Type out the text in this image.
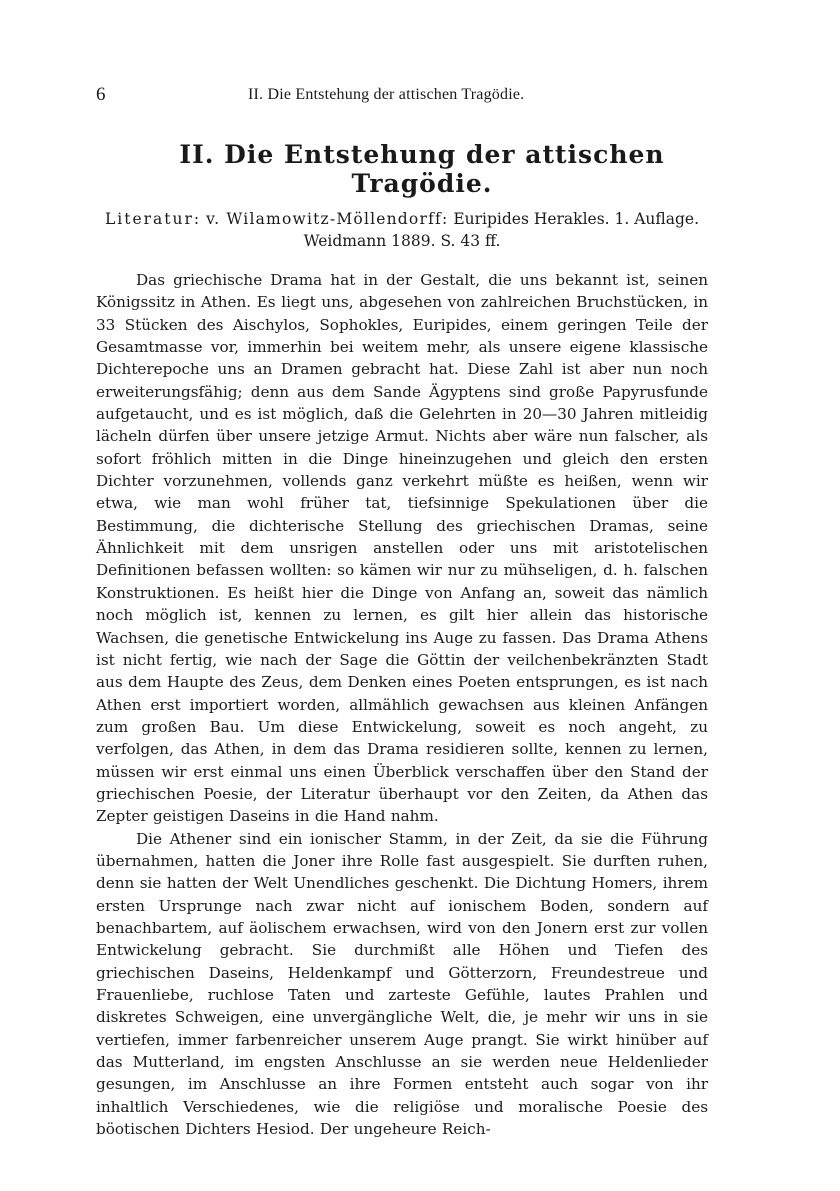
6	II. Die Entstehung der attischen Tragödie.
II. Die Entstehung der attischen Tragödie.
Literatur: v. Wilamowitz-Möllendorff: Euripides Herakles. 1. Auflage.
Weidmann 1889. S. 43 ff.

Das griechische Drama hat in der Gestalt, die uns bekannt ist, seinen Königssitz in Athen. Es liegt uns, abgesehen von zahlreichen Bruchstücken, in 33 Stücken des Aischylos, Sophokles, Euripides, einem geringen Teile der Gesamtmasse vor, immerhin bei weitem mehr, als unsere eigene klassische Dichterepoche uns an Dramen gebracht hat. Diese Zahl ist aber nun noch erweiterungsfähig; denn aus dem Sande Ägyptens sind große Papyrusfunde aufgetaucht, und es ist möglich, daß die Gelehrten in 20—30 Jahren mitleidig lächeln dürfen über unsere jetzige Armut. Nichts aber wäre nun falscher, als sofort fröhlich mitten in die Dinge hineinzugehen und gleich den ersten Dichter vorzunehmen, vollends ganz verkehrt müßte es heißen, wenn wir etwa, wie man wohl früher tat, tiefsinnige Spekulationen über die Bestimmung, die dichterische Stellung des griechischen Dramas, seine Ähnlichkeit mit dem unsrigen anstellen oder uns mit aristotelischen Definitionen befassen wollten: so kämen wir nur zu mühseligen, d. h. falschen Konstruktionen. Es heißt hier die Dinge von Anfang an, soweit das nämlich noch möglich ist, kennen zu lernen, es gilt hier allein das historische Wachsen, die genetische Entwickelung ins Auge zu fassen. Das Drama Athens ist nicht fertig, wie nach der Sage die Göttin der veilchenbekränzten Stadt aus dem Haupte des Zeus, dem Denken eines Poeten entsprungen, es ist nach Athen erst importiert worden, allmählich gewachsen aus kleinen Anfängen zum großen Bau. Um diese Entwickelung, soweit es noch angeht, zu verfolgen, das Athen, in dem das Drama residieren sollte, kennen zu lernen, müssen wir erst einmal uns einen Überblick verschaffen über den Stand der griechischen Poesie, der Literatur überhaupt vor den Zeiten, da Athen das Zepter geistigen Daseins in die Hand nahm.

Die Athener sind ein ionischer Stamm, in der Zeit, da sie die Führung übernahmen, hatten die Joner ihre Rolle fast ausgespielt. Sie durften ruhen, denn sie hatten der Welt Unendliches geschenkt. Die Dichtung Homers, ihrem ersten Ursprunge nach zwar nicht auf ionischem Boden, sondern auf benachbartem, auf äolischem erwachsen, wird von den Jonern erst zur vollen Entwickelung gebracht. Sie durchmißt alle Höhen und Tiefen des griechischen Daseins, Heldenkampf und Götterzorn, Freundestreue und Frauenliebe, ruchlose Taten und zarteste Gefühle, lautes Prahlen und diskretes Schweigen, eine unvergängliche Welt, die, je mehr wir uns in sie vertiefen, immer farbenreicher unserem Auge prangt. Sie wirkt hinüber auf das Mutterland, im engsten Anschlusse an sie werden neue Heldenlieder gesungen, im Anschlusse an ihre Formen entsteht auch sogar von ihr inhaltlich Verschiedenes, wie die religiöse und moralische Poesie des böotischen Dichters Hesiod. Der ungeheure Reich-
